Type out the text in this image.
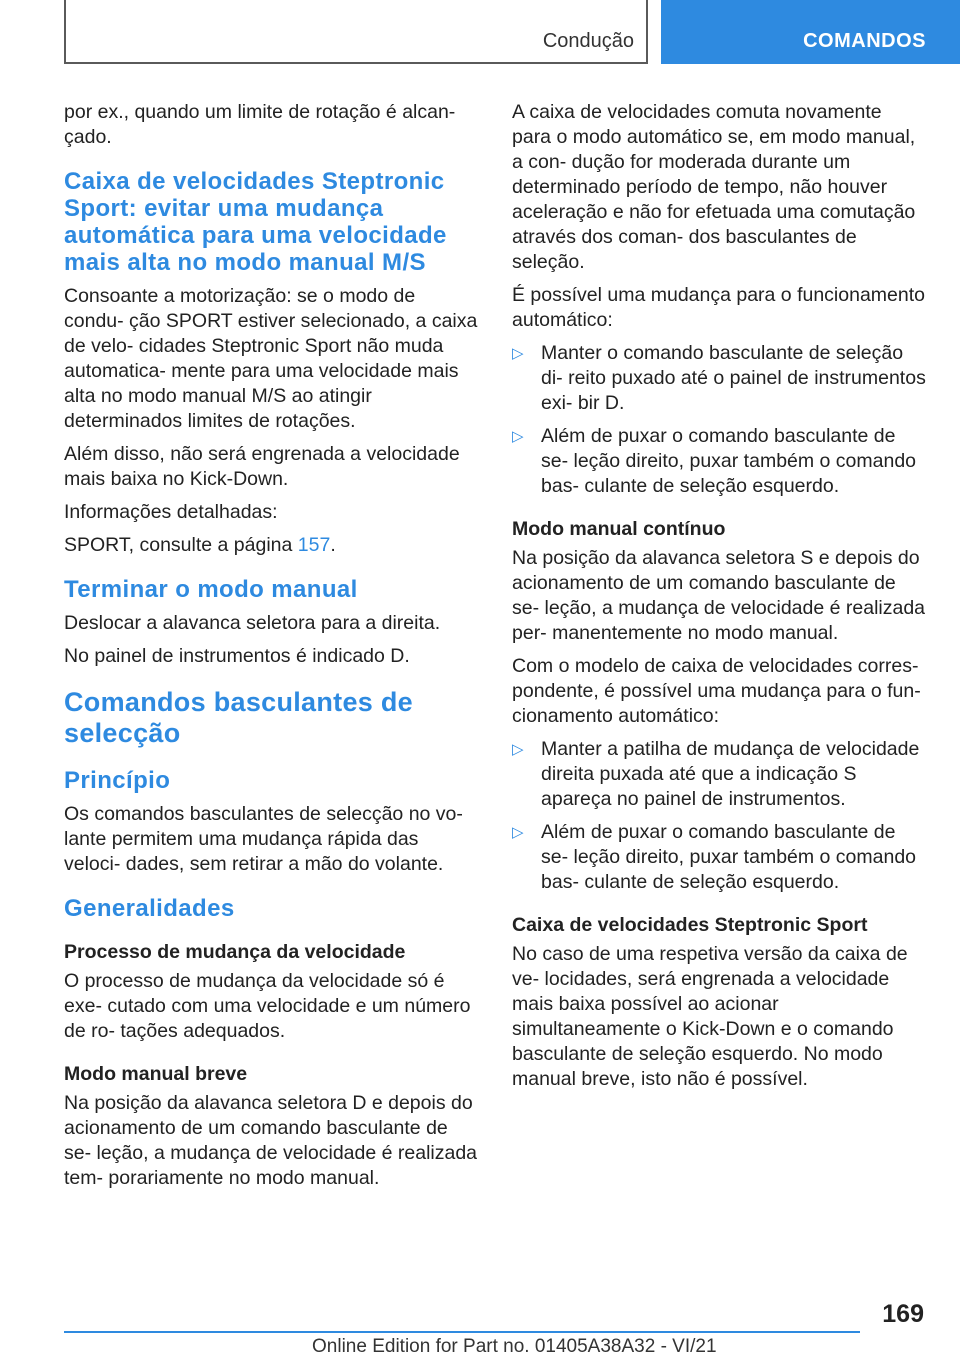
Condução	COMANDOS

por ex., quando um limite de rotação é alcan‐ çado.

Caixa de velocidades Steptronic Sport: evitar uma mudança automática para uma velocidade mais alta no modo manual M/S

Consoante a motorização: se o modo de condu‐ ção SPORT estiver selecionado, a caixa de velo‐ cidades Steptronic Sport não muda automatica‐ mente para uma velocidade mais alta no modo manual M/S ao atingir determinados limites de rotações.

Além disso, não será engrenada a velocidade mais baixa no Kick-Down.

Informações detalhadas:

SPORT, consulte a página 157.

Terminar o modo manual

Deslocar a alavanca seletora para a direita.

No painel de instrumentos é indicado D.

Comandos basculantes de selecção
Princípio

Os comandos basculantes de selecção no vo‐ lante permitem uma mudança rápida das veloci‐ dades, sem retirar a mão do volante.

Generalidades
Processo de mudança da velocidade

O processo de mudança da velocidade só é exe‐ cutado com uma velocidade e um número de ro‐ tações adequados.

Modo manual breve

Na posição da alavanca seletora D e depois do acionamento de um comando basculante de se‐ leção, a mudança de velocidade é realizada tem‐ porariamente no modo manual.

A caixa de velocidades comuta novamente para o modo automático se, em modo manual, a con‐ dução for moderada durante um determinado período de tempo, não houver aceleração e não for efetuada uma comutação através dos coman‐ dos basculantes de seleção.

É possível uma mudança para o funcionamento automático:

▷ Manter o comando basculante de seleção di‐ reito puxado até o painel de instrumentos exi‐ bir D.
▷ Além de puxar o comando basculante de se‐ leção direito, puxar também o comando bas‐ culante de seleção esquerdo.
Modo manual contínuo

Na posição da alavanca seletora S e depois do acionamento de um comando basculante de se‐ leção, a mudança de velocidade é realizada per‐ manentemente no modo manual.

Com o modelo de caixa de velocidades corres‐ pondente, é possível uma mudança para o fun‐ cionamento automático:

▷ Manter a patilha de mudança de velocidade direita puxada até que a indicação S apareça no painel de instrumentos.
▷ Além de puxar o comando basculante de se‐ leção direito, puxar também o comando bas‐ culante de seleção esquerdo.
Caixa de velocidades Steptronic Sport

No caso de uma respetiva versão da caixa de ve‐ locidades, será engrenada a velocidade mais baixa possível ao acionar simultaneamente o Kick-Down e o comando basculante de seleção esquerdo. No modo manual breve, isto não é possível.

169
Online Edition for Part no. 01405A38A32 - VI/21
